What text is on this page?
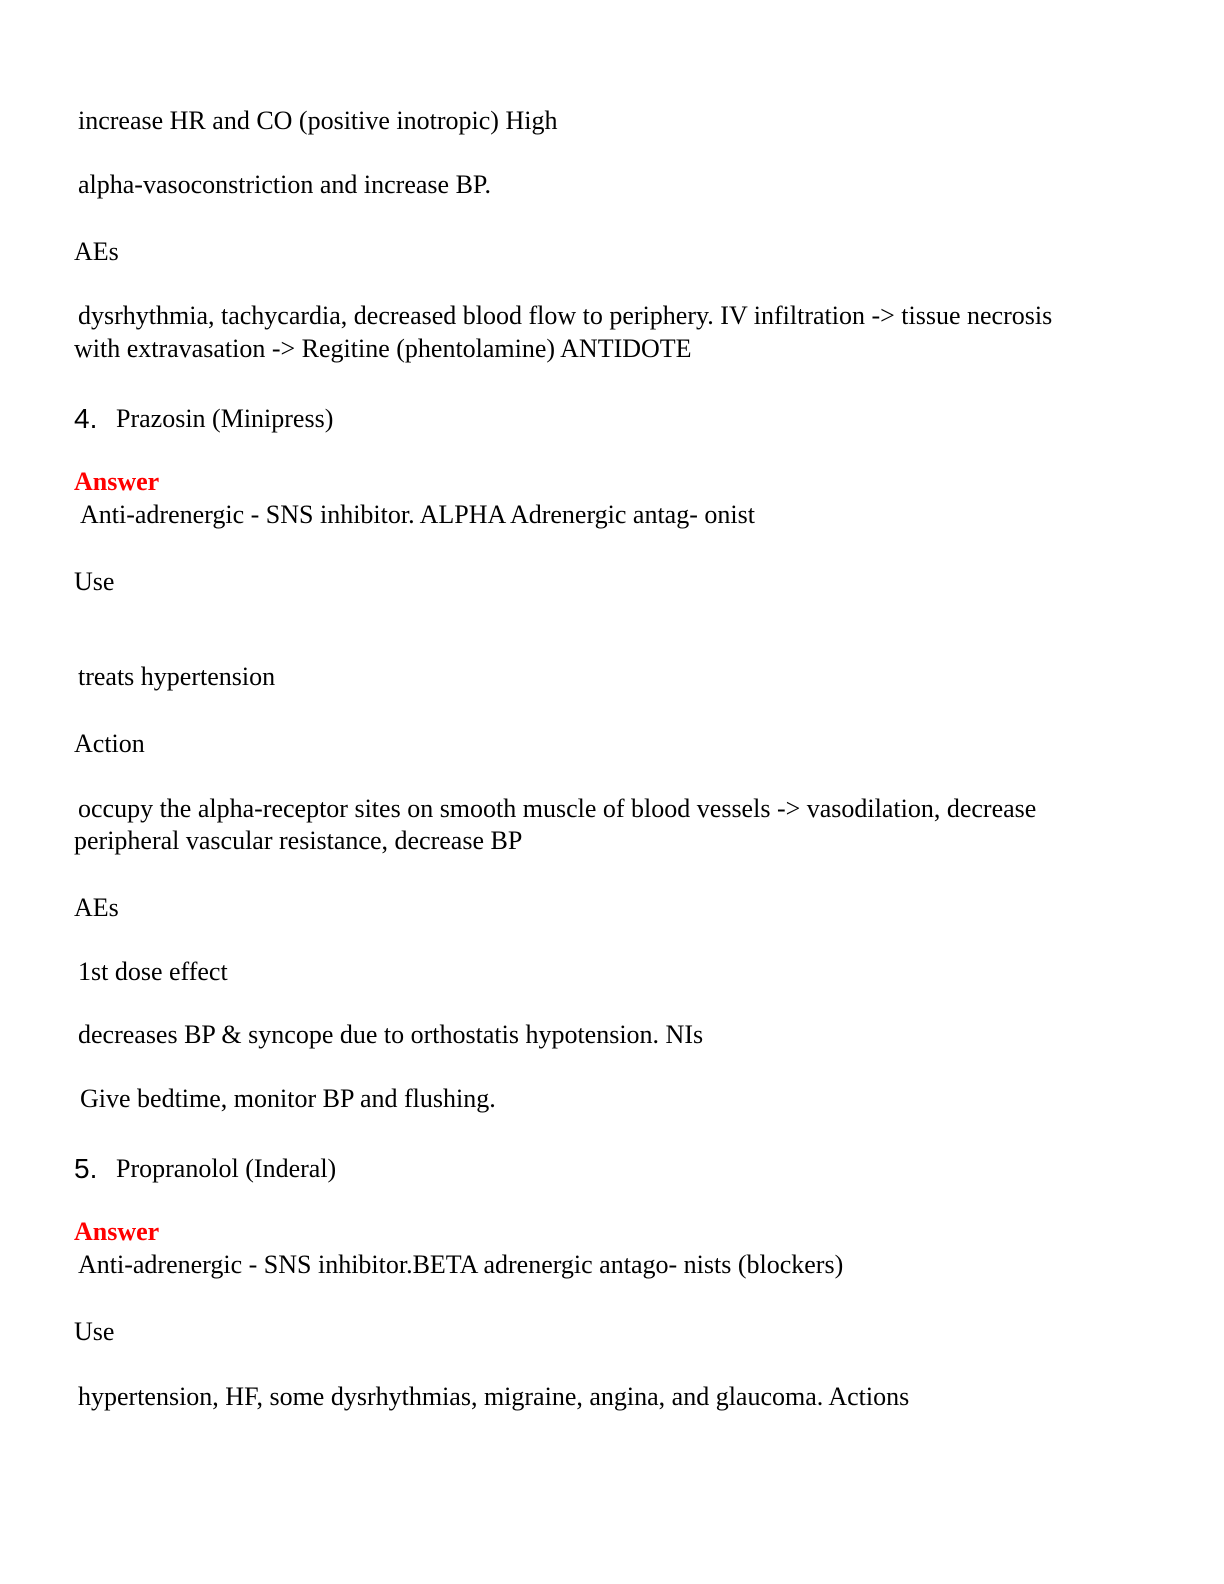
increase HR and CO (positive inotropic) High

alpha-vasoconstriction and increase BP.

AEs

dysrhythmia, tachycardia, decreased blood flow to periphery. IV infiltration -> tissue necrosis

with extravasation -> Regitine (phentolamine) ANTIDOTE

4. Prazosin (Minipress)

Answer

Anti-adrenergic - SNS inhibitor. ALPHA Adrenergic antag- onist

Use

treats hypertension

Action

occupy the alpha-receptor sites on smooth muscle of blood vessels -> vasodilation, decrease

peripheral vascular resistance, decrease BP

AEs

1st dose effect

decreases BP & syncope due to orthostatis hypotension. NIs

Give bedtime, monitor BP and flushing.

5. Propranolol (Inderal)

Answer

Anti-adrenergic - SNS inhibitor.BETA adrenergic antago- nists (blockers)

Use

hypertension, HF, some dysrhythmias, migraine, angina, and glaucoma. Actions
